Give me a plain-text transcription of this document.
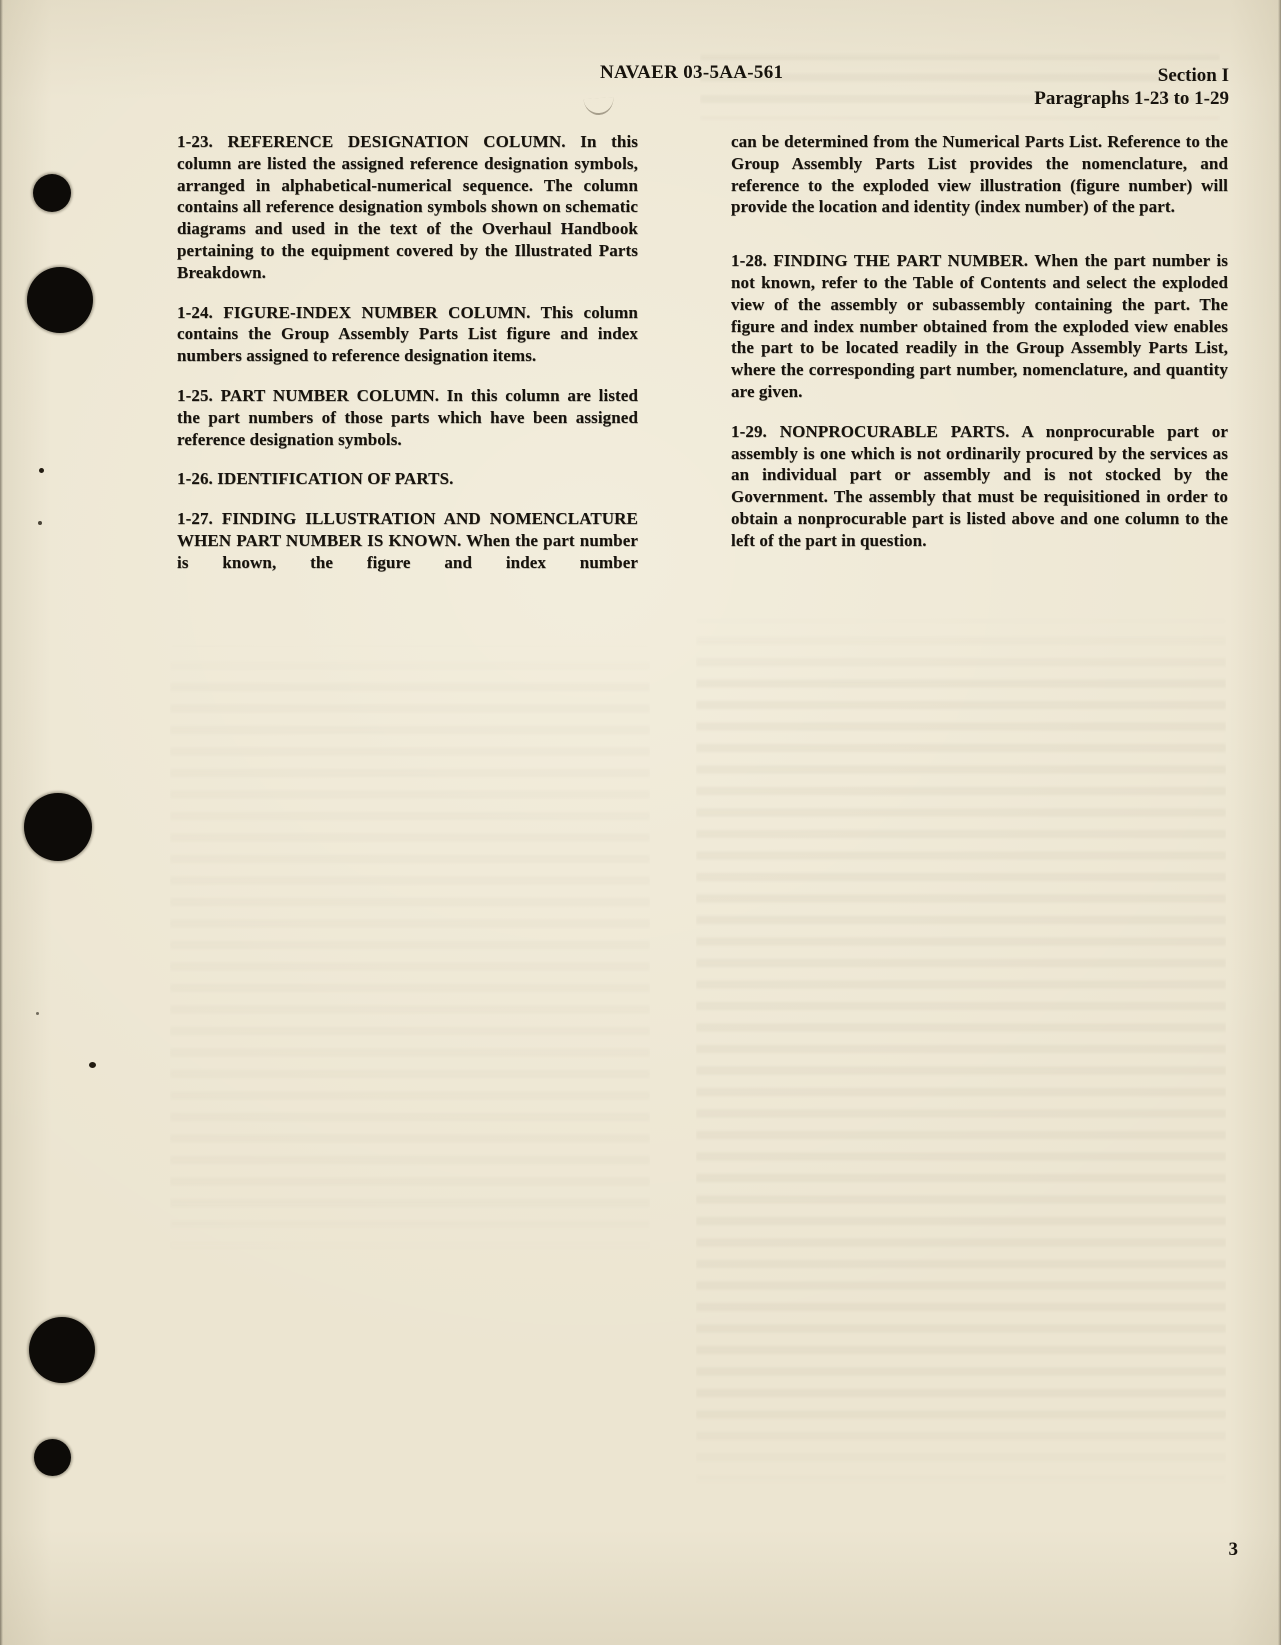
NAVAER 03-5AA-561	Section I
Paragraphs 1-23 to 1-29

1-23. REFERENCE DESIGNATION COLUMN. In this column are listed the assigned reference designation symbols, arranged in alphabetical-numerical sequence. The column contains all reference designation symbols shown on schematic diagrams and used in the text of the Overhaul Handbook pertaining to the equipment covered by the Illustrated Parts Breakdown.

1-24. FIGURE-INDEX NUMBER COLUMN. This column contains the Group Assembly Parts List figure and index numbers assigned to reference designation items.

1-25. PART NUMBER COLUMN. In this column are listed the part numbers of those parts which have been assigned reference designation symbols.

1-26. IDENTIFICATION OF PARTS.

1-27. FINDING ILLUSTRATION AND NOMENCLATURE WHEN PART NUMBER IS KNOWN. When the part number is known, the figure and index number

can be determined from the Numerical Parts List. Reference to the Group Assembly Parts List provides the nomenclature, and reference to the exploded view illustration (figure number) will provide the location and identity (index number) of the part.

1-28. FINDING THE PART NUMBER. When the part number is not known, refer to the Table of Contents and select the exploded view of the assembly or subassembly containing the part. The figure and index number obtained from the exploded view enables the part to be located readily in the Group Assembly Parts List, where the corresponding part number, nomenclature, and quantity are given.

1-29. NONPROCURABLE PARTS. A nonprocurable part or assembly is one which is not ordinarily procured by the services as an individual part or assembly and is not stocked by the Government. The assembly that must be requisitioned in order to obtain a nonprocurable part is listed above and one column to the left of the part in question.

3
